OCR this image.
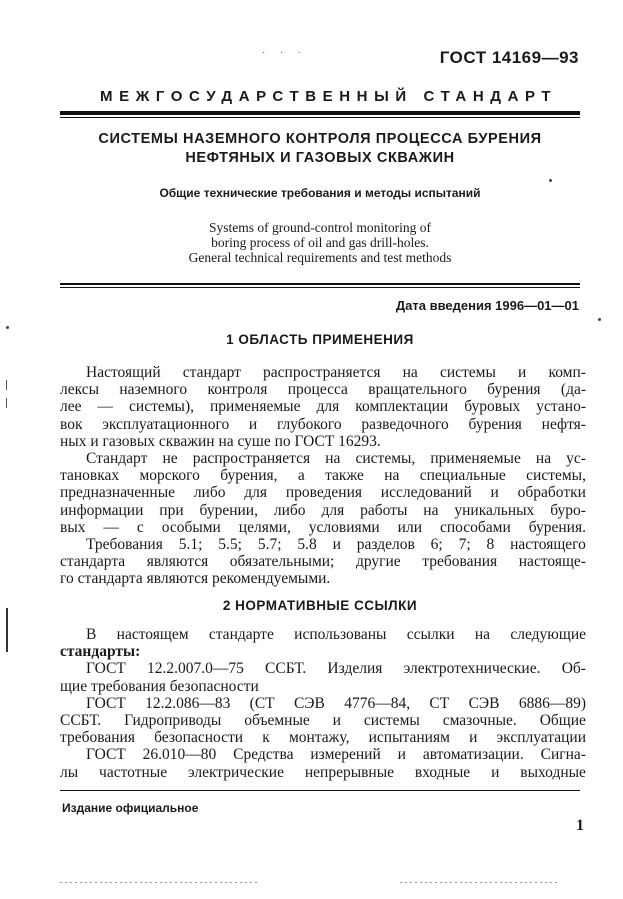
· · ·	ГОСТ 14169—93
МЕЖГОСУДАРСТВЕННЫЙ СТАНДАРТ
СИСТЕМЫ НАЗЕМНОГО КОНТРОЛЯ ПРОЦЕССА БУРЕНИЯ
НЕФТЯНЫХ И ГАЗОВЫХ СКВАЖИН
Общие технические требования и методы испытаний
Systems of ground-control monitoring of
boring process of oil and gas drill-holes.
General technical requirements and test methods
Дата введения 1996—01—01
1 ОБЛАСТЬ ПРИМЕНЕНИЯ
Настоящий стандарт распространяется на системы и комп-
лексы наземного контроля процесса вращательного бурения (да-
лее — системы), применяемые для комплектации буровых устано-
вок эксплуатационного и глубокого разведочного бурения нефтя-
ных и газовых скважин на суше по ГОСТ 16293.
Стандарт не распространяется на системы, применяемые на ус-
тановках морского бурения, а также на специальные системы,
предназначенные либо для проведения исследований и обработки
информации при бурении, либо для работы на уникальных буро-
вых — с особыми целями, условиями или способами бурения.
Требования 5.1; 5.5; 5.7; 5.8 и разделов 6; 7; 8 настоящего
стандарта являются обязательными; другие требования настояще-
го стандарта являются рекомендуемыми.
2 НОРМАТИВНЫЕ ССЫЛКИ
В настоящем стандарте использованы ссылки на следующие
стандарты:
ГОСТ 12.2.007.0—75 ССБТ. Изделия электротехнические. Об-
щие требования безопасности
ГОСТ 12.2.086—83 (СТ СЭВ 4776—84, СТ СЭВ 6886—89)
ССБТ. Гидроприводы объемные и системы смазочные. Общие
требования безопасности к монтажу, испытаниям и эксплуатации
ГОСТ 26.010—80 Средства измерений и автоматизации. Сигна-
лы частотные электрические непрерывные входные и выходные
Издание официальное
1
